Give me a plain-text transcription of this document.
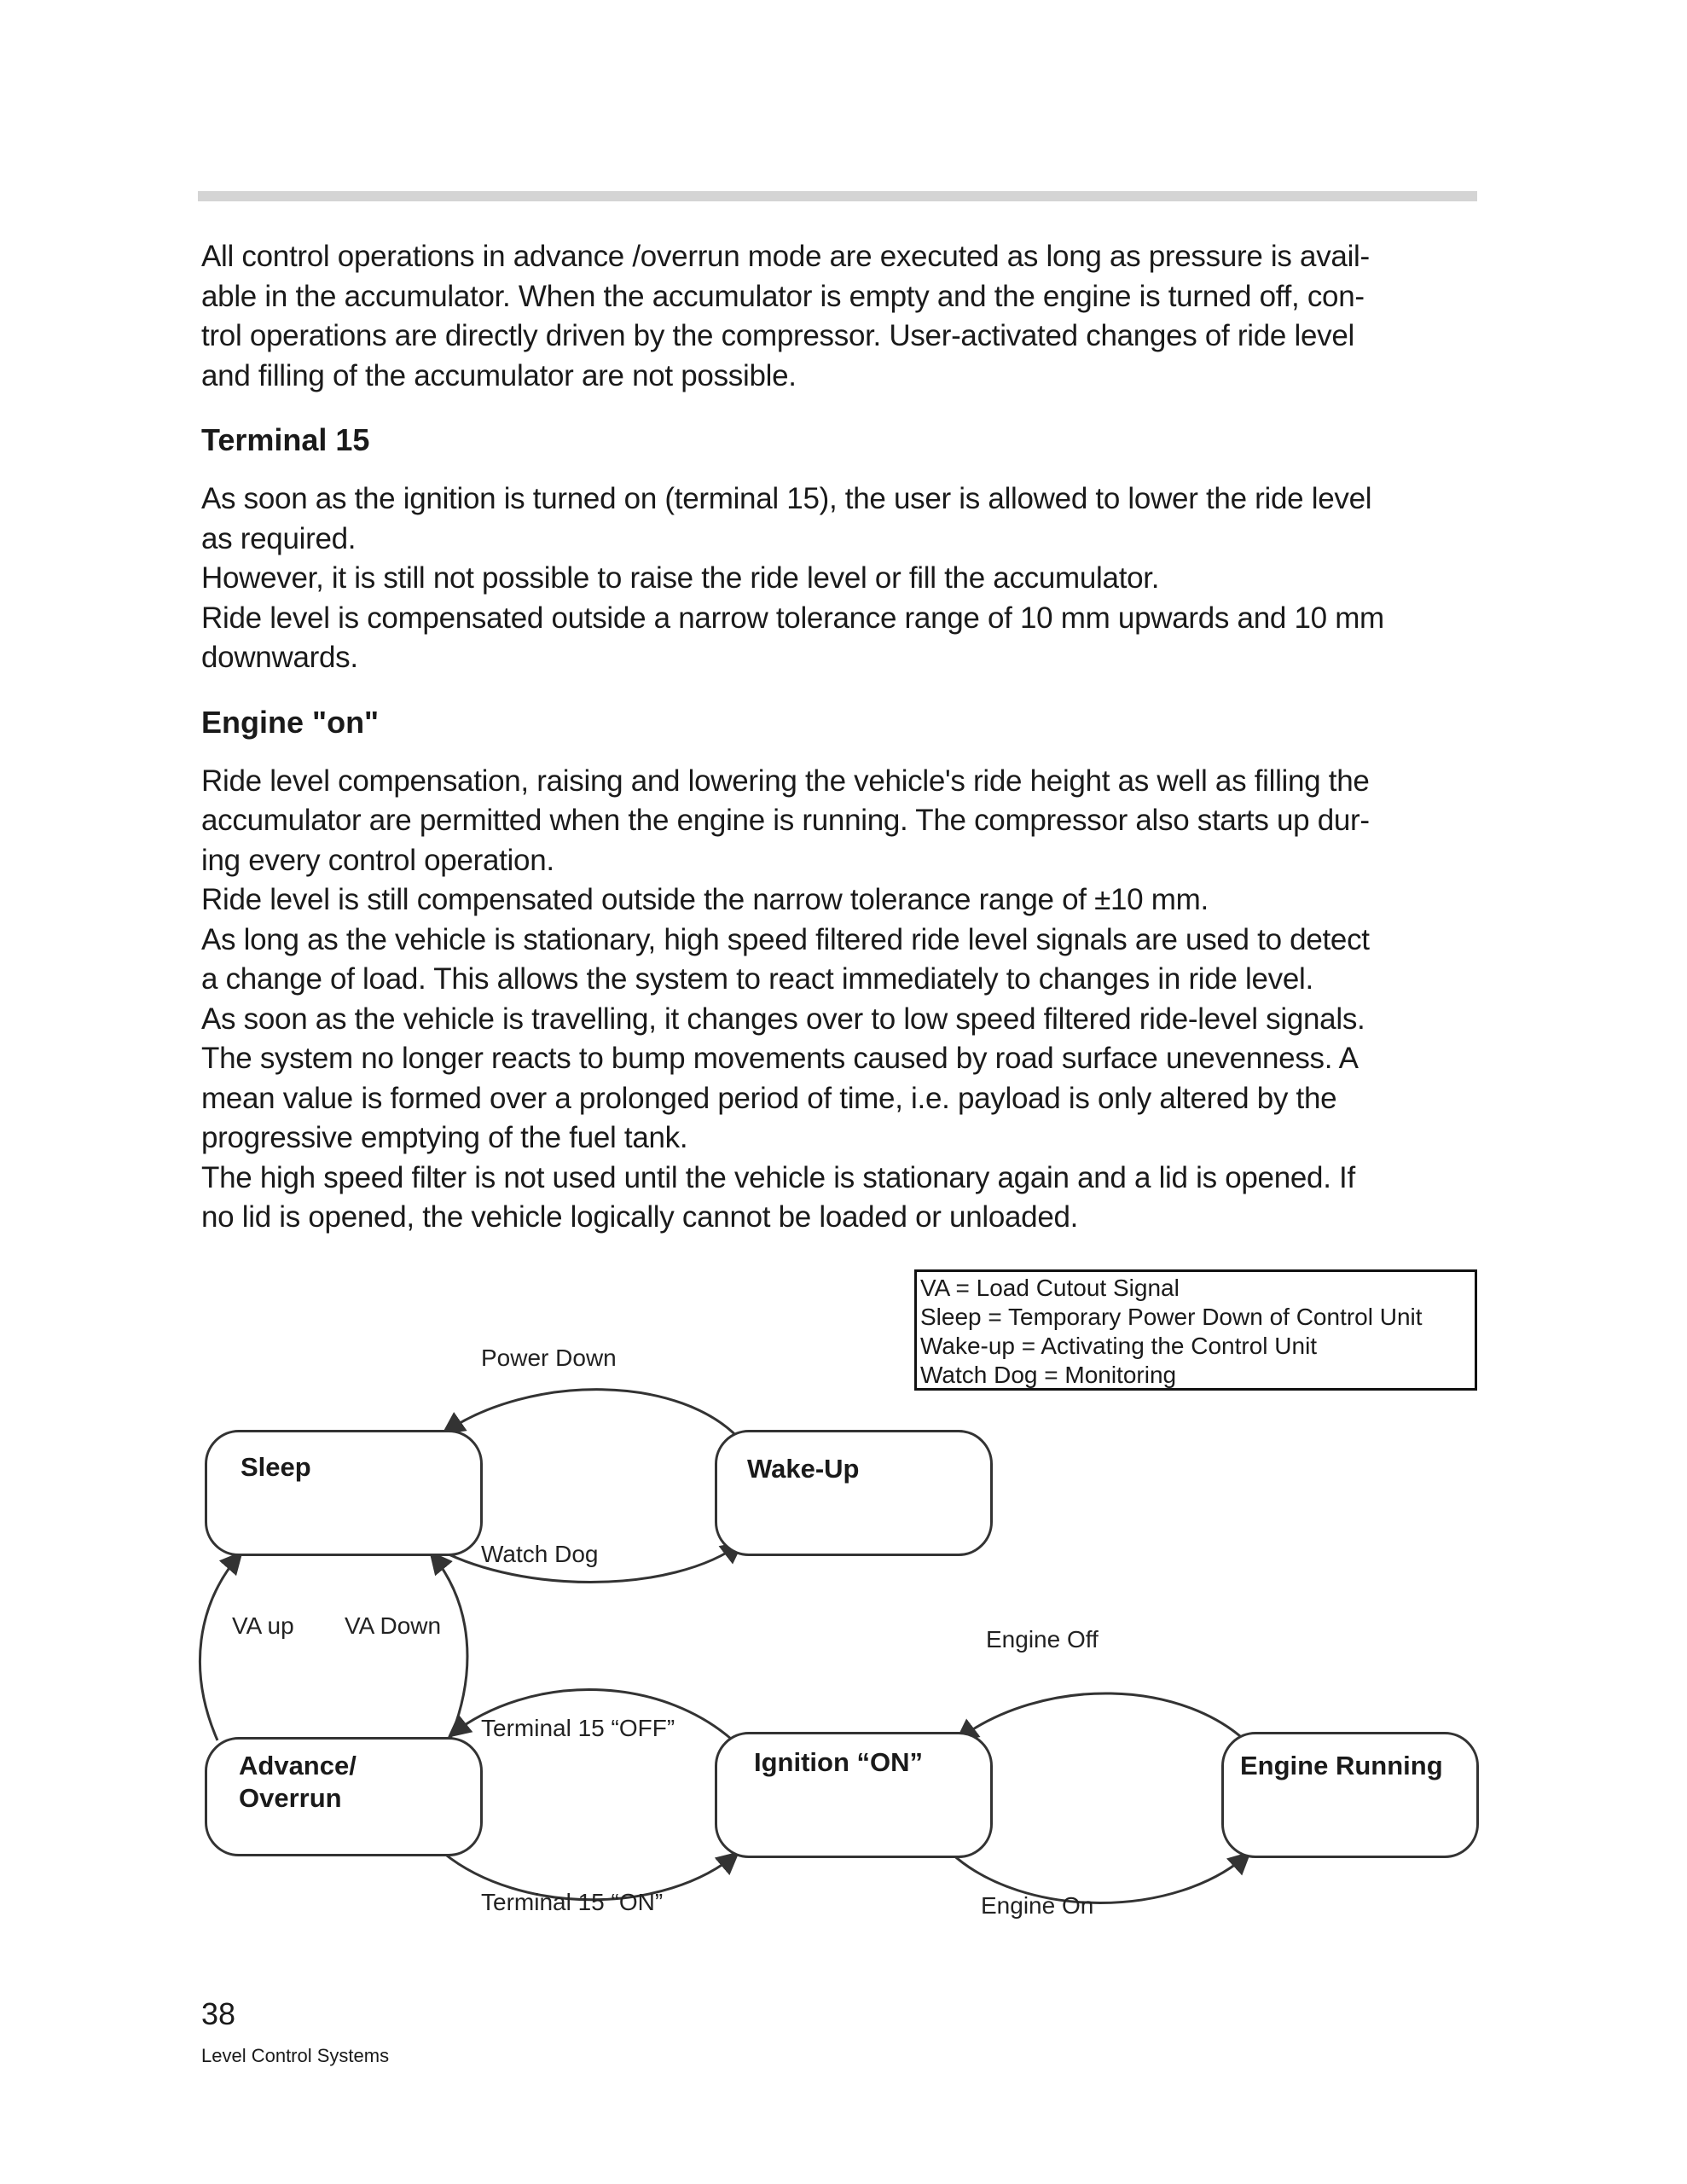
All control operations in advance /overrun mode are executed as long as pressure is avail-
able in the accumulator. When the accumulator is empty and the engine is turned off, con-
trol operations are directly driven by the compressor. User-activated changes of ride level
and filling of the accumulator are not possible.

Terminal 15

As soon as the ignition is turned on (terminal 15), the user is allowed to lower the ride level
as required.
However, it is still not possible to raise the ride level or fill the accumulator.
Ride level is compensated outside a narrow tolerance range of 10 mm upwards and 10 mm
downwards.

Engine "on"

Ride level compensation, raising and lowering the vehicle's ride height as well as filling the
accumulator are permitted when the engine is running. The compressor also starts up dur-
ing every control operation.
Ride level is still compensated outside the narrow tolerance range of ±10 mm.
As long as the vehicle is stationary, high speed filtered ride level signals are used to detect
a change of load. This allows the system to react immediately to changes in ride level.
As soon as the vehicle is travelling, it changes over to low speed filtered ride-level signals.
The system no longer reacts to bump movements caused by road surface unevenness. A
mean value is formed over a prolonged period of time, i.e. payload is only altered by the
progressive emptying of the fuel tank.
The high speed filter is not used until the vehicle is stationary again and a lid is opened. If
no lid is opened, the vehicle logically cannot be loaded or unloaded.

VA = Load Cutout Signal
Sleep = Temporary Power Down of Control Unit
Wake-up = Activating the Control Unit
Watch Dog = Monitoring
Sleep	Wake-Up
Advance/
Overrun
Ignition “ON”	Engine Running
Power Down
Watch Dog
VA up VA Down
Terminal 15 “OFF”
Terminal 15 “ON”
Engine Off
Engine On
38
Level Control Systems
